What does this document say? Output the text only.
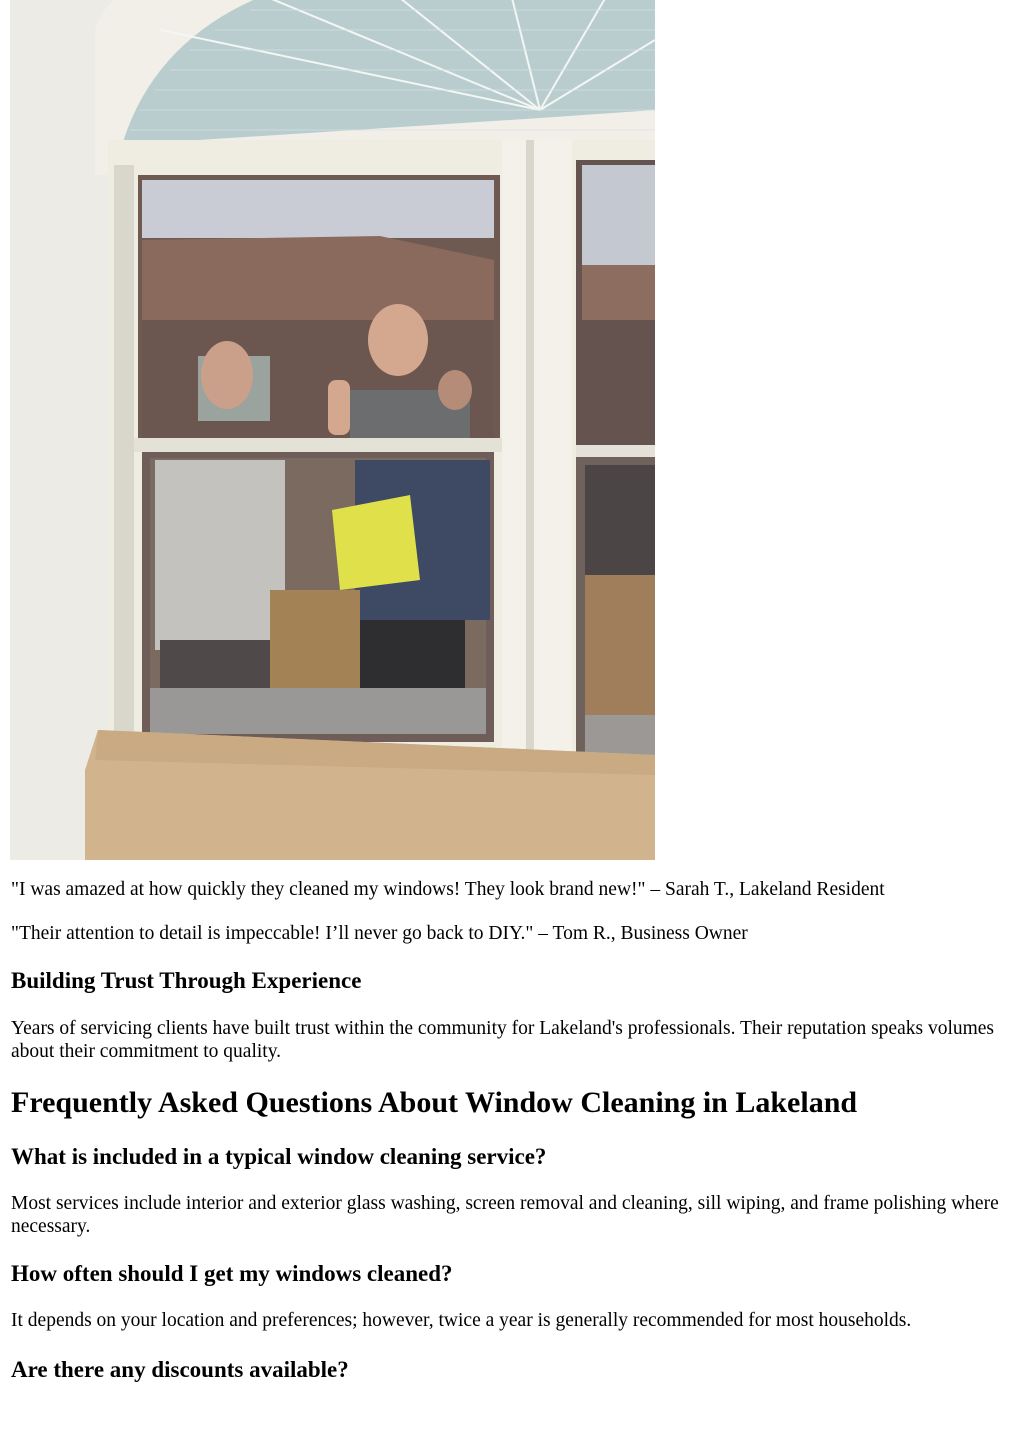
"I was amazed at how quickly they cleaned my windows! They look brand new!" – Sarah T., Lakeland Resident

"Their attention to detail is impeccable! I’ll never go back to DIY." – Tom R., Business Owner

Building Trust Through Experience

Years of servicing clients have built trust within the community for Lakeland's professionals. Their reputation speaks volumes about their commitment to quality.

Frequently Asked Questions About Window Cleaning in Lakeland
What is included in a typical window cleaning service?

Most services include interior and exterior glass washing, screen removal and cleaning, sill wiping, and frame polishing where necessary.

How often should I get my windows cleaned?

It depends on your location and preferences; however, twice a year is generally recommended for most households.

Are there any discounts available?
